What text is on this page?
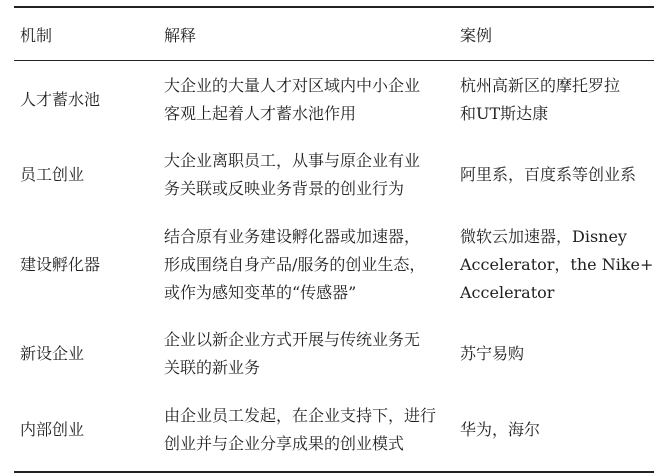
机制	解释	案例
人才蓄水池
大企业的大量人才对区域内中小企业
客观上起着人才蓄水池作用
杭州高新区的摩托罗拉
和UT斯达康
员工创业
大企业离职员工，从事与原企业有业
务关联或反映业务背景的创业行为
阿里系，百度系等创业系
建设孵化器
结合原有业务建设孵化器或加速器，
形成围绕自身产品/服务的创业生态，
或作为感知变革的“传感器”
微软云加速器，Disney
Accelerator，the Nike+
Accelerator
新设企业
企业以新企业方式开展与传统业务无
关联的新业务
苏宁易购
内部创业
由企业员工发起，在企业支持下，进行
创业并与企业分享成果的创业模式
华为，海尔
